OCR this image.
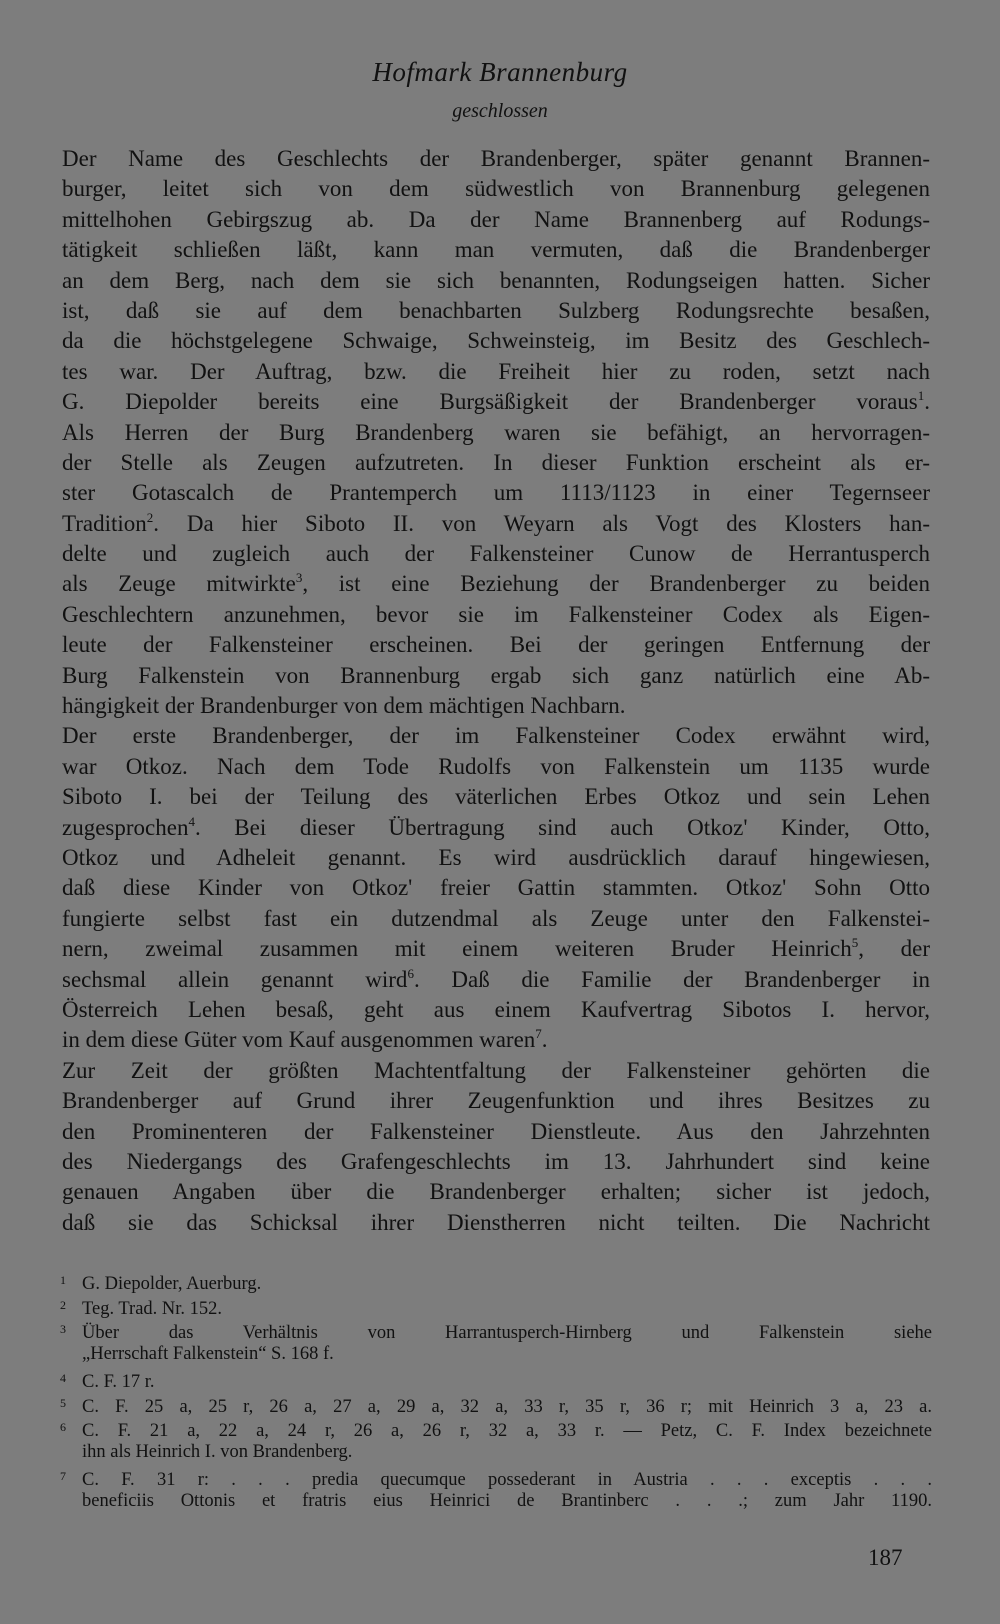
Hofmark Brannenburg
geschlossen
Der Name des Geschlechts der Brandenberger, später genannt Brannen-
burger, leitet sich von dem südwestlich von Brannenburg gelegenen
mittelhohen Gebirgszug ab. Da der Name Brannenberg auf Rodungs-
tätigkeit schließen läßt, kann man vermuten, daß die Brandenberger
an dem Berg, nach dem sie sich benannten, Rodungseigen hatten. Sicher
ist, daß sie auf dem benachbarten Sulzberg Rodungsrechte besaßen,
da die höchstgelegene Schwaige, Schweinsteig, im Besitz des Geschlech-
tes war. Der Auftrag, bzw. die Freiheit hier zu roden, setzt nach
G. Diepolder bereits eine Burgsäßigkeit der Brandenberger voraus$^1$.
Als Herren der Burg Brandenberg waren sie befähigt, an hervorragen-
der Stelle als Zeugen aufzutreten. In dieser Funktion erscheint als er-
ster Gotascalch de Prantemperch um 1113/1123 in einer Tegernseer
Tradition$^2$. Da hier Siboto II. von Weyarn als Vogt des Klosters han-
delte und zugleich auch der Falkensteiner Cunow de Herrantusperch
als Zeuge mitwirkte$^3$, ist eine Beziehung der Brandenberger zu beiden
Geschlechtern anzunehmen, bevor sie im Falkensteiner Codex als Eigen-
leute der Falkensteiner erscheinen. Bei der geringen Entfernung der
Burg Falkenstein von Brannenburg ergab sich ganz natürlich eine Ab-
hängigkeit der Brandenburger von dem mächtigen Nachbarn.
Der erste Brandenberger, der im Falkensteiner Codex erwähnt wird,
war Otkoz. Nach dem Tode Rudolfs von Falkenstein um 1135 wurde
Siboto I. bei der Teilung des väterlichen Erbes Otkoz und sein Lehen
zugesprochen$^4$. Bei dieser Übertragung sind auch Otkoz' Kinder, Otto,
Otkoz und Adheleit genannt. Es wird ausdrücklich darauf hingewiesen,
daß diese Kinder von Otkoz' freier Gattin stammten. Otkoz' Sohn Otto
fungierte selbst fast ein dutzendmal als Zeuge unter den Falkenstei-
nern, zweimal zusammen mit einem weiteren Bruder Heinrich$^5$, der
sechsmal allein genannt wird$^6$. Daß die Familie der Brandenberger in
Österreich Lehen besaß, geht aus einem Kaufvertrag Sibotos I. hervor,
in dem diese Güter vom Kauf ausgenommen waren$^7$.
Zur Zeit der größten Machtentfaltung der Falkensteiner gehörten die
Brandenberger auf Grund ihrer Zeugenfunktion und ihres Besitzes zu
den Prominenteren der Falkensteiner Dienstleute. Aus den Jahrzehnten
des Niedergangs des Grafengeschlechts im 13. Jahrhundert sind keine
genauen Angaben über die Brandenberger erhalten; sicher ist jedoch,
daß sie das Schicksal ihrer Dienstherren nicht teilten. Die Nachricht
1 G. Diepolder, Auerburg.
2 Teg. Trad. Nr. 152.
3 Über das Verhältnis von Harrantusperch-Hirnberg und Falkenstein siehe
„Herrschaft Falkenstein“ S. 168 f.
4 C. F. 17 r.
5 C. F. 25 a, 25 r, 26 a, 27 a, 29 a, 32 a, 33 r, 35 r, 36 r; mit Heinrich 3 a, 23 a.
6 C. F. 21 a, 22 a, 24 r, 26 a, 26 r, 32 a, 33 r. — Petz, C. F. Index bezeichnete
ihn als Heinrich I. von Brandenberg.
7 C. F. 31 r: . . . predia quecumque possederant in Austria . . . exceptis . . .
beneficiis Ottonis et fratris eius Heinrici de Brantinberc . . .; zum Jahr 1190.
187
